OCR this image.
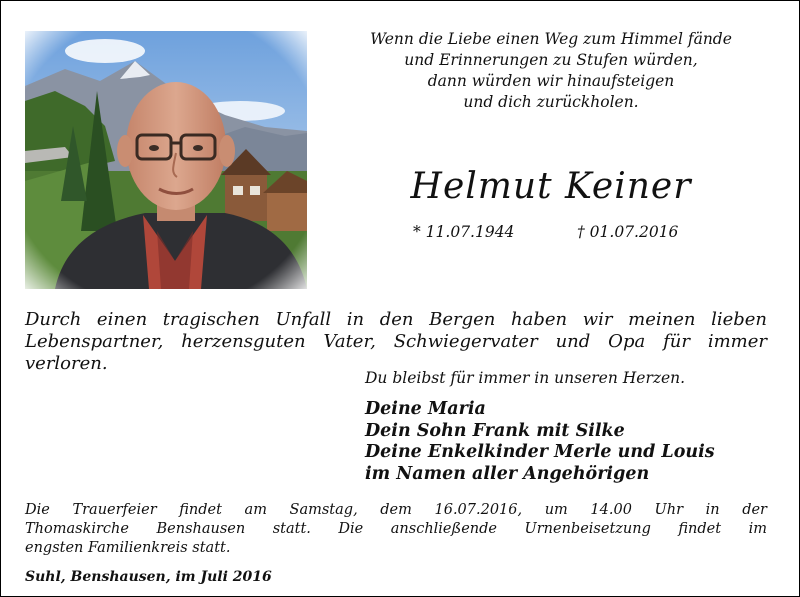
Wenn die Liebe einen Weg zum Himmel fände
und Erinnerungen zu Stufen würden,
dann würden wir hinaufsteigen
und dich zurückholen.
Helmut Keiner
* 11.07.1944	† 01.07.2016
Durch einen tragischen Unfall in den Bergen haben wir meinen lieben
Lebenspartner, herzensguten Vater, Schwiegervater und Opa für immer
verloren.
Du bleibst für immer in unseren Herzen.
Deine Maria
Dein Sohn Frank mit Silke
Deine Enkelkinder Merle und Louis
im Namen aller Angehörigen
Die Trauerfeier findet am Samstag, dem 16.07.2016, um 14.00 Uhr in der
Thomaskirche Benshausen statt. Die anschließende Urnenbeisetzung findet im
engsten Familienkreis statt.
Suhl, Benshausen, im Juli 2016
